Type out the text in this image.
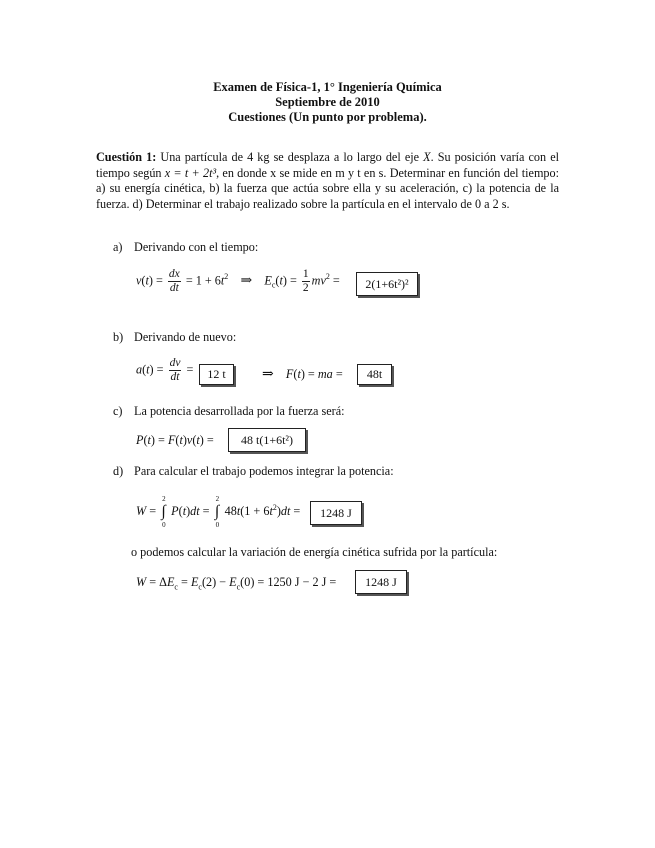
Examen de Física-1, 1° Ingeniería Química
Septiembre de 2010
Cuestiones (Un punto por problema).
Cuestión 1: Una partícula de 4 kg se desplaza a lo largo del eje X. Su posición varía con el tiempo según x = t + 2t³, en donde x se mide en m y t en s. Determinar en función del tiempo: a) su energía cinética, b) la fuerza que actúa sobre ella y su aceleración, c) la potencia de la fuerza. d) Determinar el trabajo realizado sobre la partícula en el intervalo de 0 a 2 s.
a) Derivando con el tiempo:
$v(t) = \frac{dx}{dt} = 1 + 6t^2$ ⇒ $E_c(t) = \frac{1}{2} mv^2$ =	2(1+6t²)²
b) Derivando de nuevo:
$a(t) = \frac{dv}{dt}$ =	12 t	⇒ F(t) = ma =	48t
c) La potencia desarrollada por la fuerza será:
P(t) = F(t)v(t) =	48 t(1+6t²)
d) Para calcular el trabajo podemos integrar la potencia:
W = ∫
2
0
P(t)dt = ∫
2
0
$48t(1 + 6t^2)dt$ =	1248 J
o podemos calcular la variación de energía cinética sufrida por la partícula:
$W = \Delta E_c = E_c(2) - E_c(0) = 1250$ J − 2 J =	1248 J
